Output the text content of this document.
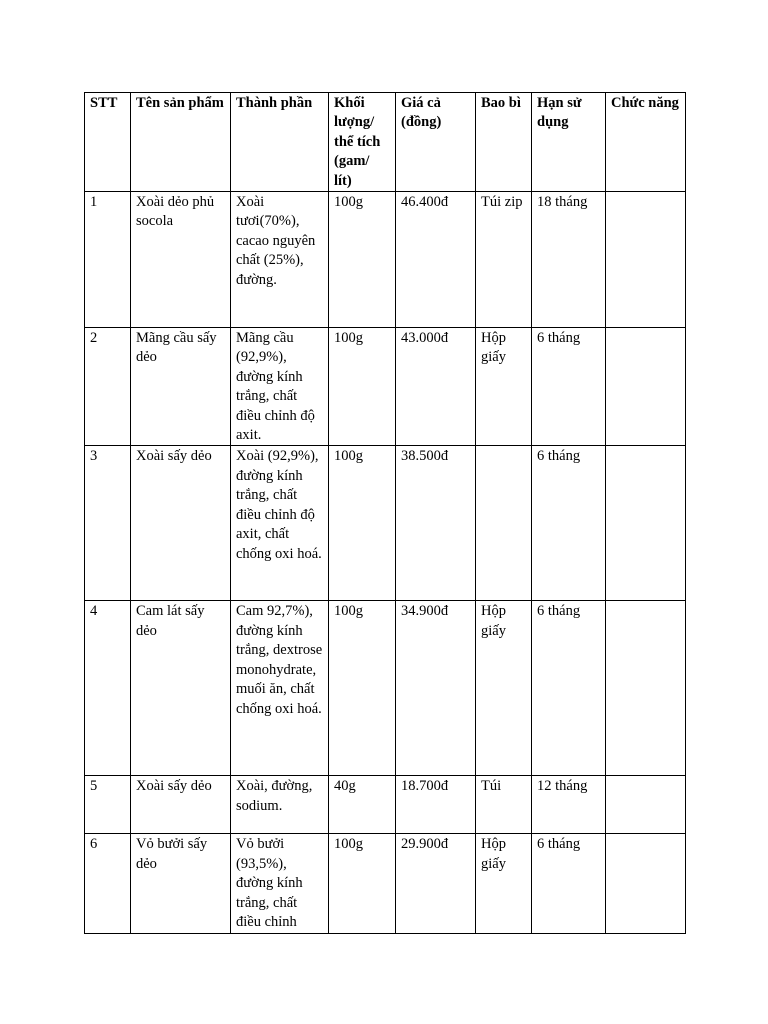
STT	Tên sản phẩm	Thành phần	Khối lượng/ thể tích (gam/ lít)	Giá cả (đồng)	Bao bì	Hạn sử dụng	Chức năng
1	Xoài dẻo phủ socola	Xoài tươi(70%), cacao nguyên chất (25%), đường.	100g	46.400đ	Túi zip	18 tháng	
2	Mãng cầu sấy dẻo	Mãng cầu (92,9%), đường kính trắng, chất điều chỉnh độ axit.	100g	43.000đ	Hộp giấy	6 tháng	
3	Xoài sấy dẻo	Xoài (92,9%), đường kính trắng, chất điều chỉnh độ axit, chất chống oxi hoá.	100g	38.500đ		6 tháng	
4	Cam lát sấy dẻo	Cam 92,7%), đường kính trắng, dextrose monohydrate, muối ăn, chất chống oxi hoá.	100g	34.900đ	Hộp giấy	6 tháng	
5	Xoài sấy dẻo	Xoài, đường, sodium.	40g	18.700đ	Túi	12 tháng	
6	Vỏ bưởi sấy dẻo	Vỏ bưởi (93,5%), đường kính trắng, chất điều chỉnh	100g	29.900đ	Hộp giấy	6 tháng	
